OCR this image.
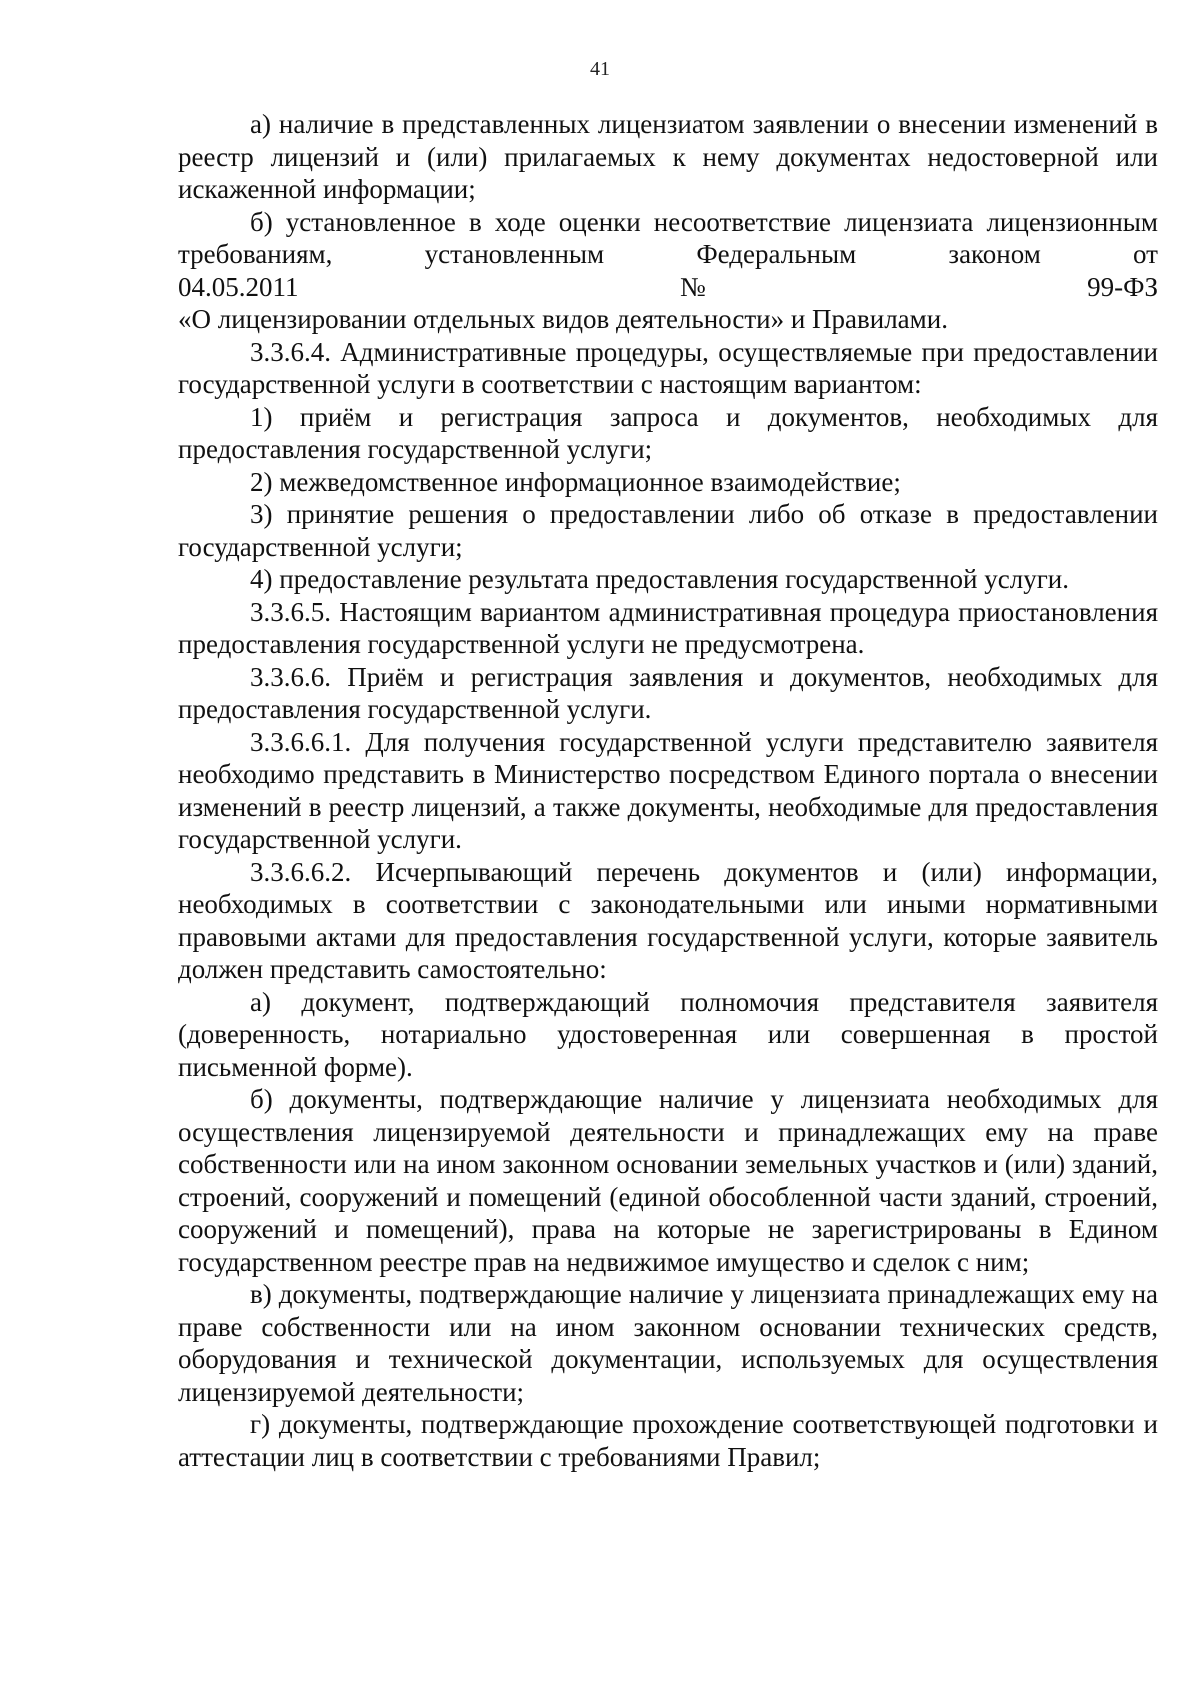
41

а) наличие в представленных лицензиатом заявлении о внесении изменений в реестр лицензий и (или) прилагаемых к нему документах недостоверной или искаженной информации;

б) установленное в ходе оценки несоответствие лицензиата лицензионным требованиям, установленным Федеральным законом от

04.05.2011	№	99-ФЗ

«О лицензировании отдельных видов деятельности» и Правилами.

3.3.6.4. Административные процедуры, осуществляемые при предоставлении государственной услуги в соответствии с настоящим вариантом:

1) приём и регистрация запроса и документов, необходимых для предоставления государственной услуги;

2) межведомственное информационное взаимодействие;

3) принятие решения о предоставлении либо об отказе в предоставлении государственной услуги;

4) предоставление результата предоставления государственной услуги.

3.3.6.5. Настоящим вариантом административная процедура приостановления предоставления государственной услуги не предусмотрена.

3.3.6.6. Приём и регистрация заявления и документов, необходимых для предоставления государственной услуги.

3.3.6.6.1. Для получения государственной услуги представителю заявителя необходимо представить в Министерство посредством Единого портала о внесении изменений в реестр лицензий, а также документы, необходимые для предоставления государственной услуги.

3.3.6.6.2. Исчерпывающий перечень документов и (или) информации, необходимых в соответствии с законодательными или иными нормативными правовыми актами для предоставления государственной услуги, которые заявитель должен представить самостоятельно:

а) документ, подтверждающий полномочия представителя заявителя (доверенность, нотариально удостоверенная или совершенная в простой письменной форме).

б) документы, подтверждающие наличие у лицензиата необходимых для осуществления лицензируемой деятельности и принадлежащих ему на праве собственности или на ином законном основании земельных участков и (или) зданий, строений, сооружений и помещений (единой обособленной части зданий, строений, сооружений и помещений), права на которые не зарегистрированы в Едином государственном реестре прав на недвижимое имущество и сделок с ним;

в) документы, подтверждающие наличие у лицензиата принадлежащих ему на праве собственности или на ином законном основании технических средств, оборудования и технической документации, используемых для осуществления лицензируемой деятельности;

г) документы, подтверждающие прохождение соответствующей подготовки и аттестации лиц в соответствии с требованиями Правил;
